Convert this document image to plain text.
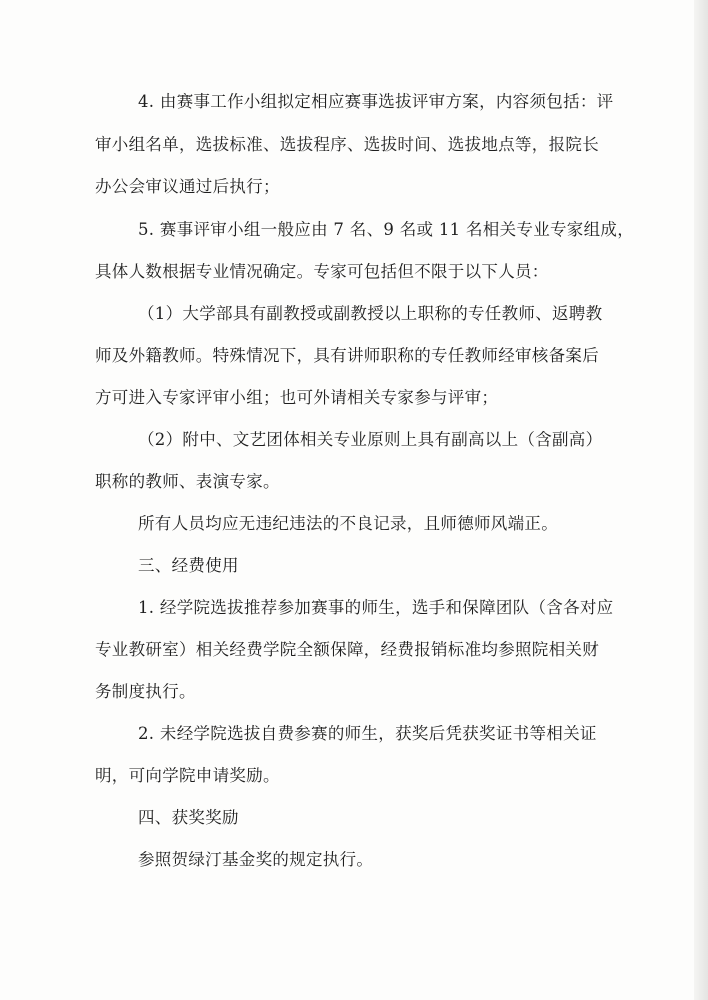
4. 由赛事工作小组拟定相应赛事选拔评审方案，内容须包括：评
审小组名单，选拔标准、选拔程序、选拔时间、选拔地点等，报院长
办公会审议通过后执行；
5. 赛事评审小组一般应由 7 名、9 名或 11 名相关专业专家组成，
具体人数根据专业情况确定。专家可包括但不限于以下人员：
（1）大学部具有副教授或副教授以上职称的专任教师、返聘教
师及外籍教师。特殊情况下，具有讲师职称的专任教师经审核备案后
方可进入专家评审小组；也可外请相关专家参与评审；
（2）附中、文艺团体相关专业原则上具有副高以上（含副高）
职称的教师、表演专家。
所有人员均应无违纪违法的不良记录，且师德师风端正。
三、经费使用
1. 经学院选拔推荐参加赛事的师生，选手和保障团队（含各对应
专业教研室）相关经费学院全额保障，经费报销标准均参照院相关财
务制度执行。
2. 未经学院选拔自费参赛的师生，获奖后凭获奖证书等相关证
明，可向学院申请奖励。
四、获奖奖励
参照贺绿汀基金奖的规定执行。
